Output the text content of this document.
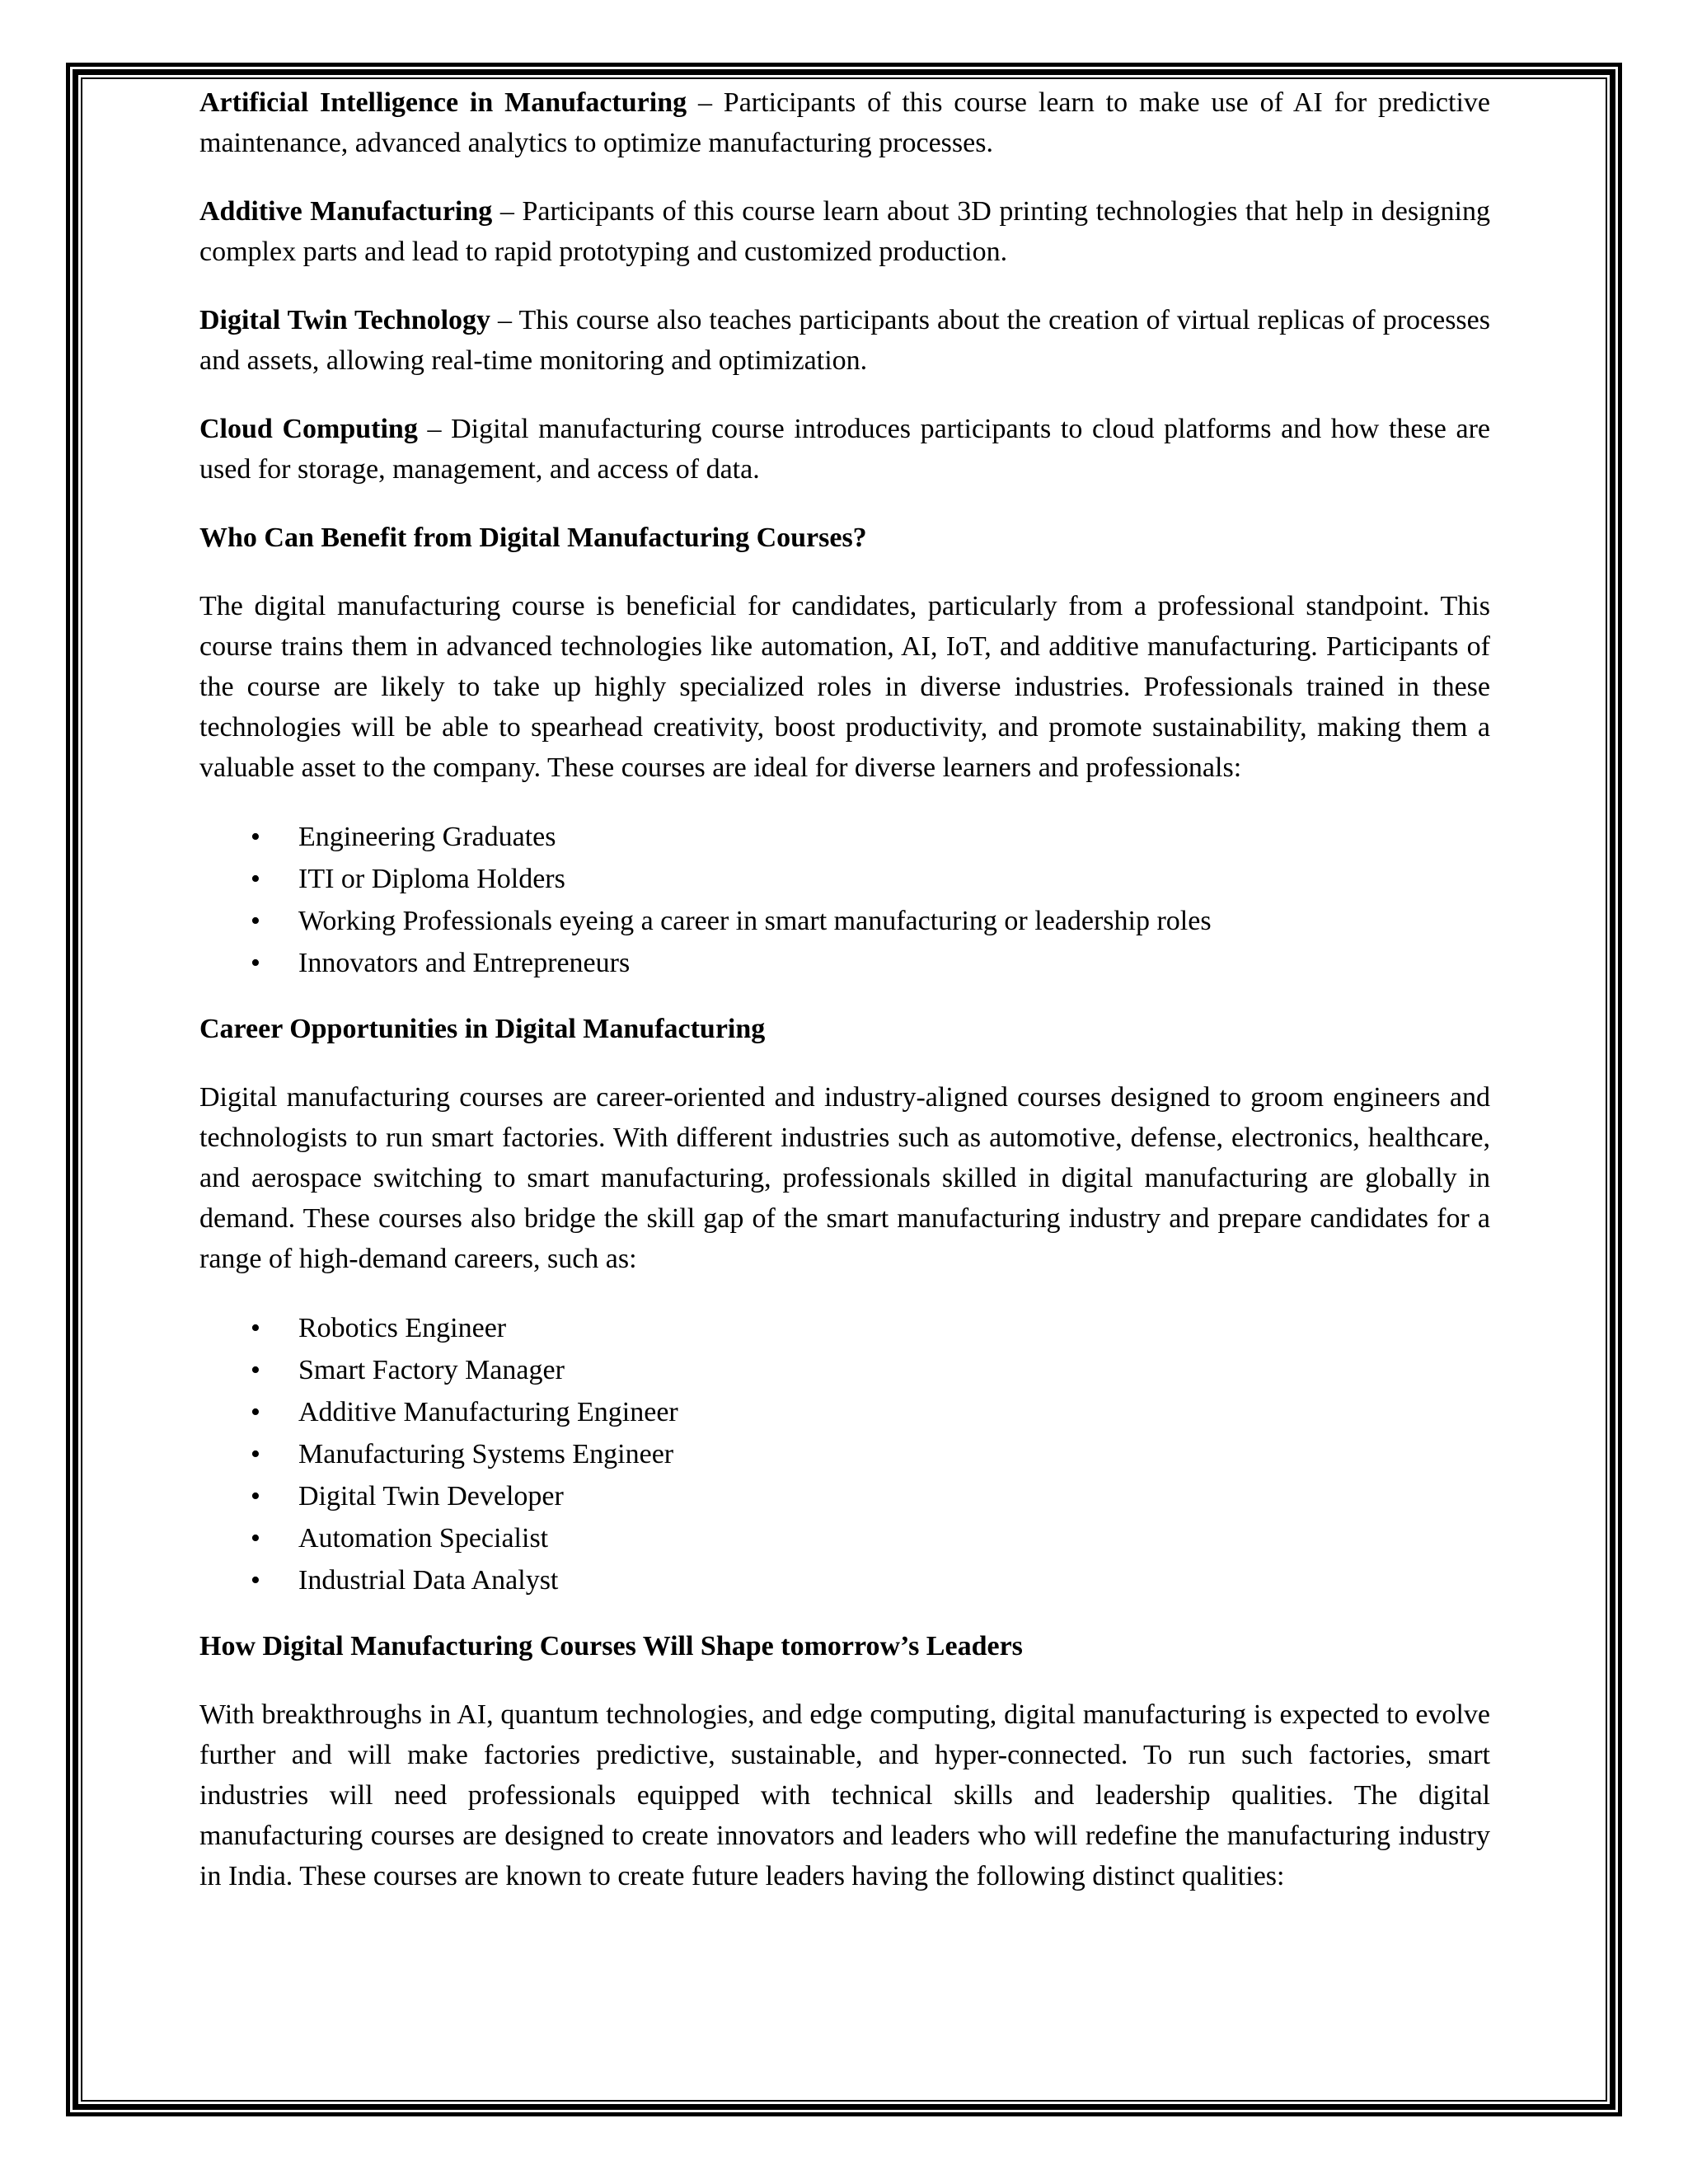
Artificial Intelligence in Manufacturing – Participants of this course learn to make use of AI for predictive maintenance, advanced analytics to optimize manufacturing processes.

Additive Manufacturing – Participants of this course learn about 3D printing technologies that help in designing complex parts and lead to rapid prototyping and customized production.

Digital Twin Technology – This course also teaches participants about the creation of virtual replicas of processes and assets, allowing real-time monitoring and optimization.

Cloud Computing – Digital manufacturing course introduces participants to cloud platforms and how these are used for storage, management, and access of data.

Who Can Benefit from Digital Manufacturing Courses?

The digital manufacturing course is beneficial for candidates, particularly from a professional standpoint. This course trains them in advanced technologies like automation, AI, IoT, and additive manufacturing. Participants of the course are likely to take up highly specialized roles in diverse industries. Professionals trained in these technologies will be able to spearhead creativity, boost productivity, and promote sustainability, making them a valuable asset to the company. These courses are ideal for diverse learners and professionals:

• Engineering Graduates
• ITI or Diploma Holders
• Working Professionals eyeing a career in smart manufacturing or leadership roles
• Innovators and Entrepreneurs

Career Opportunities in Digital Manufacturing

Digital manufacturing courses are career-oriented and industry-aligned courses designed to groom engineers and technologists to run smart factories. With different industries such as automotive, defense, electronics, healthcare, and aerospace switching to smart manufacturing, professionals skilled in digital manufacturing are globally in demand. These courses also bridge the skill gap of the smart manufacturing industry and prepare candidates for a range of high-demand careers, such as:

• Robotics Engineer
• Smart Factory Manager
• Additive Manufacturing Engineer
• Manufacturing Systems Engineer
• Digital Twin Developer
• Automation Specialist
• Industrial Data Analyst

How Digital Manufacturing Courses Will Shape tomorrow’s Leaders

With breakthroughs in AI, quantum technologies, and edge computing, digital manufacturing is expected to evolve further and will make factories predictive, sustainable, and hyper-connected. To run such factories, smart industries will need professionals equipped with technical skills and leadership qualities. The digital manufacturing courses are designed to create innovators and leaders who will redefine the manufacturing industry in India. These courses are known to create future leaders having the following distinct qualities:
